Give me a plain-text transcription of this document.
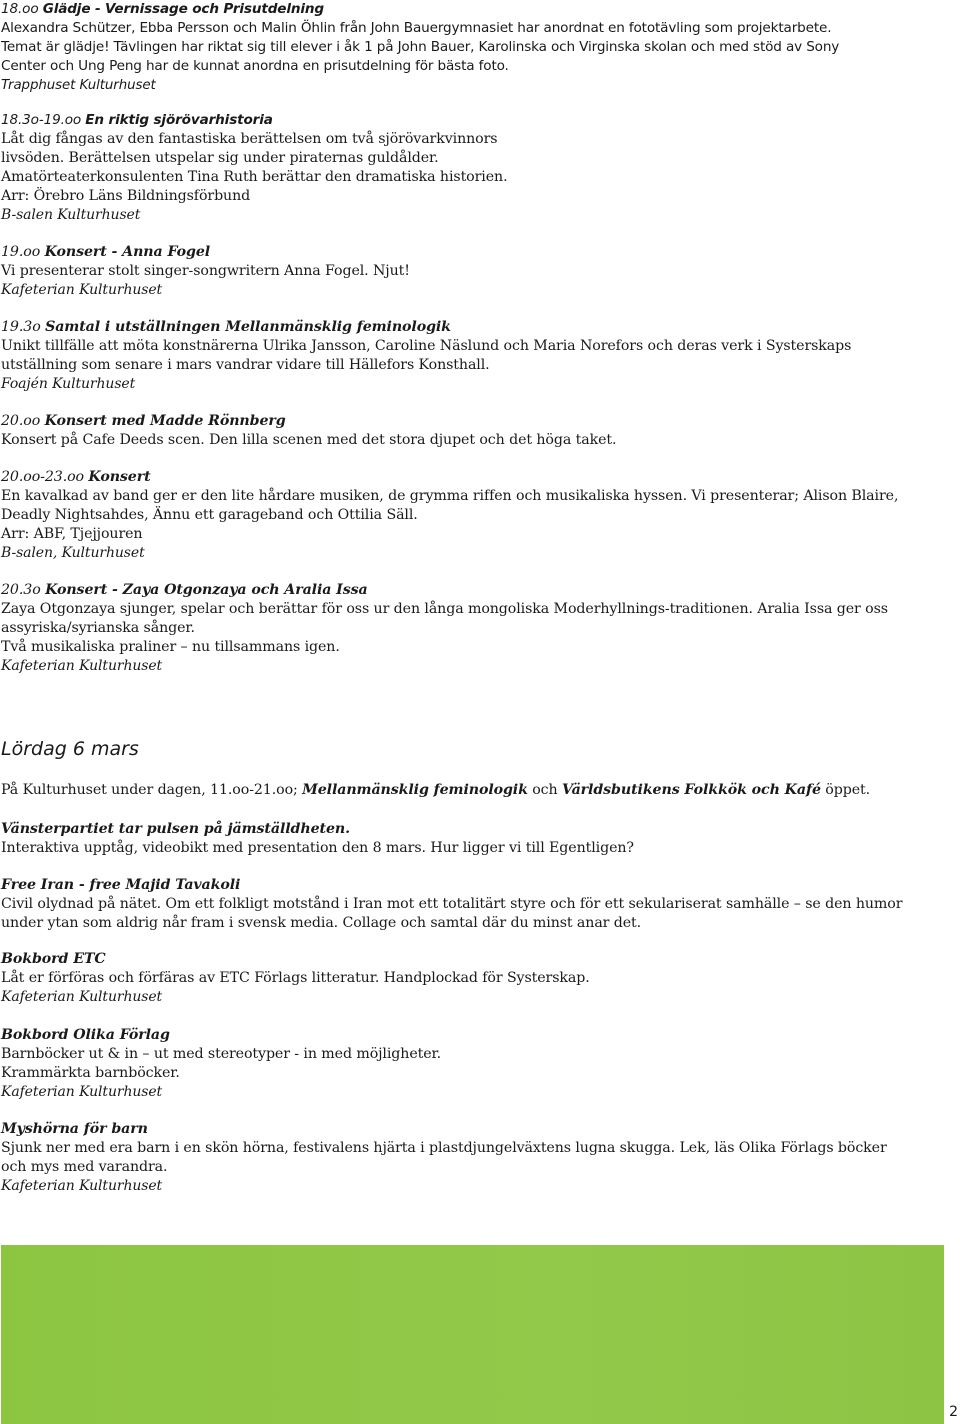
18.oo Glädje - Vernissage och Prisutdelning
Alexandra Schützer, Ebba Persson och Malin Öhlin från John Bauergymnasiet har anordnat en fototävling som projektarbete.
Temat är glädje! Tävlingen har riktat sig till elever i åk 1 på John Bauer, Karolinska och Virginska skolan och med stöd av Sony
Center och Ung Peng har de kunnat anordna en prisutdelning för bästa foto.
Trapphuset Kulturhuset
18.3o-19.oo En riktig sjörövarhistoria
Låt dig fångas av den fantastiska berättelsen om två sjörövarkvinnors
livsöden. Berättelsen utspelar sig under piraternas guldålder.
Amatörteaterkonsulenten Tina Ruth berättar den dramatiska historien.
Arr: Örebro Läns Bildningsförbund
B-salen Kulturhuset
19.oo Konsert - Anna Fogel
Vi presenterar stolt singer-songwritern Anna Fogel. Njut!
Kafeterian Kulturhuset
19.3o Samtal i utställningen Mellanmänsklig feminologik
Unikt tillfälle att möta konstnärerna Ulrika Jansson, Caroline Näslund och Maria Norefors och deras verk i Systerskaps
utställning som senare i mars vandrar vidare till Hällefors Konsthall.
Foajén Kulturhuset
20.oo Konsert med Madde Rönnberg
Konsert på Cafe Deeds scen. Den lilla scenen med det stora djupet och det höga taket.
20.oo-23.oo Konsert
En kavalkad av band ger er den lite hårdare musiken, de grymma riffen och musikaliska hyssen. Vi presenterar; Alison Blaire,
Deadly Nightsahdes, Ännu ett garageband och Ottilia Säll.
Arr: ABF, Tjejjouren
B-salen, Kulturhuset
20.3o Konsert - Zaya Otgonzaya och Aralia Issa
Zaya Otgonzaya sjunger, spelar och berättar för oss ur den långa mongoliska Moderhyllnings-traditionen. Aralia Issa ger oss
assyriska/syrianska sånger.
Två musikaliska praliner – nu tillsammans igen.
Kafeterian Kulturhuset
Lördag 6 mars
På Kulturhuset under dagen, 11.oo-21.oo; Mellanmänsklig feminologik och Världsbutikens Folkkök och Kafé öppet.
Vänsterpartiet tar pulsen på jämställdheten.
Interaktiva upptåg, videobikt med presentation den 8 mars. Hur ligger vi till Egentligen?
Free Iran - free Majid Tavakoli
Civil olydnad på nätet. Om ett folkligt motstånd i Iran mot ett totalitärt styre och för ett sekulariserat samhälle – se den humor
under ytan som aldrig når fram i svensk media. Collage och samtal där du minst anar det.
Bokbord ETC
Låt er förföras och förfäras av ETC Förlags litteratur. Handplockad för Systerskap.
Kafeterian Kulturhuset
Bokbord Olika Förlag
Barnböcker ut & in – ut med stereotyper - in med möjligheter.
Krammärkta barnböcker.
Kafeterian Kulturhuset
Myshörna för barn
Sjunk ner med era barn i en skön hörna, festivalens hjärta i plastdjungelväxtens lugna skugga. Lek, läs Olika Förlags böcker
och mys med varandra.
Kafeterian Kulturhuset
2
